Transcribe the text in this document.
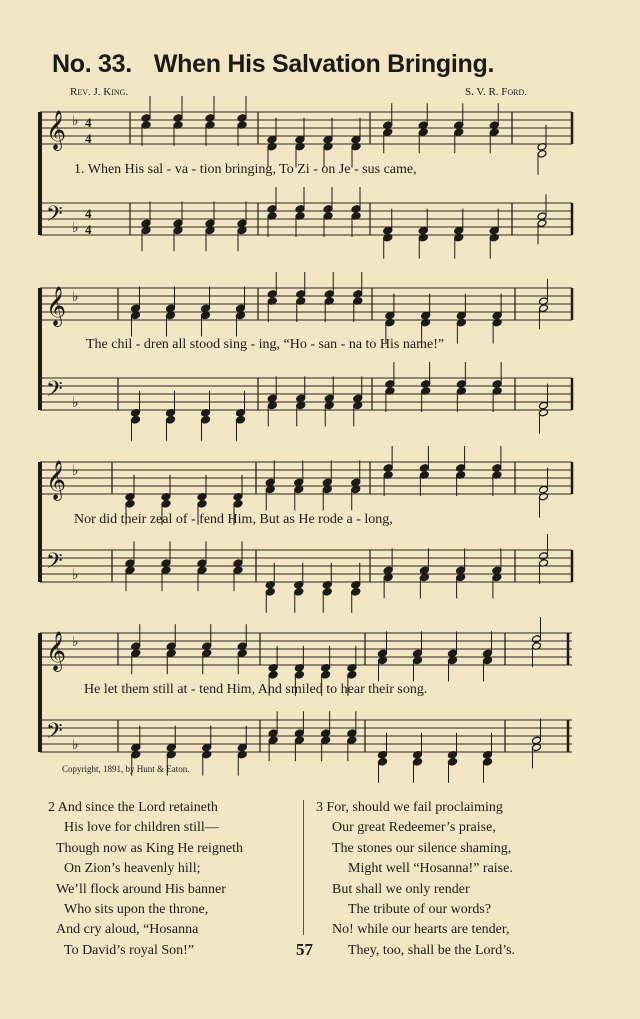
No. 33. When His Salvation Bringing.
Rev. J. King.	S. V. R. Ford.
𝄞 ♭ 4
4
𝄢 ♭
4
4
𝄞 ♭
𝄢 ♭
𝄞 ♭
𝄢 ♭
𝄞 ♭
𝄢 ♭
1. When His sal - va - tion bringing, To Zi - on Je - sus came,
The chil - dren all stood sing - ing, “Ho - san - na to His name!”
Nor did their zeal of - fend Him, But as He rode a - long,
He let them still at - tend Him, And smiled to hear their song.
Copyright, 1891, by Hunt & Eaton.
2 And since the Lord retaineth
His love for children still—
Though now as King He reigneth
On Zion’s heavenly hill;
We’ll flock around His banner
Who sits upon the throne,
And cry aloud, “Hosanna
To David’s royal Son!”
3 For, should we fail proclaiming
Our great Redeemer’s praise,
The stones our silence shaming,
Might well “Hosanna!” raise.
But shall we only render
The tribute of our words?
No! while our hearts are tender,
They, too, shall be the Lord’s.
57
